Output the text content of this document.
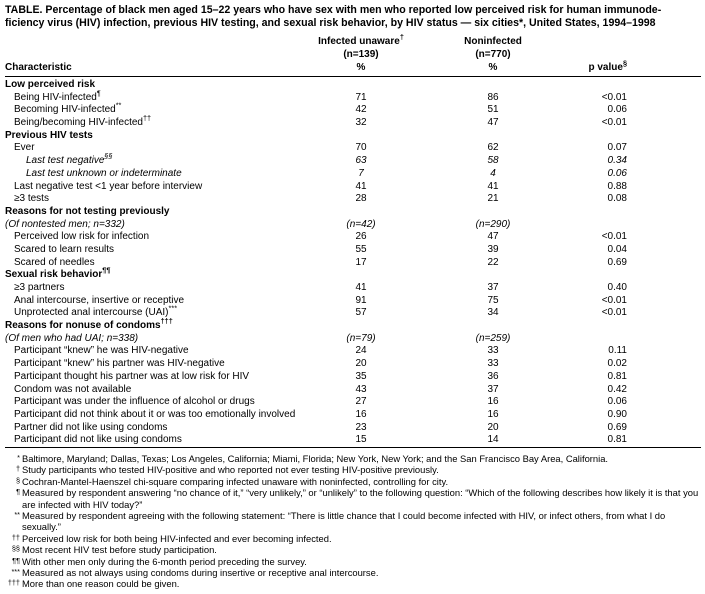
TABLE. Percentage of black men aged 15–22 years who have sex with men who reported low perceived risk for human immunode-
ficiency virus (HIV) infection, previous HIV testing, and sexual risk behavior, by HIV status — six cities*, United States, 1994–1998
Infected unaware†	Noninfected
(n=139)	(n=770)
Characteristic	%	%	p value§
Low perceived risk
Being HIV-infected¶	71	86	<0.01
Becoming HIV-infected**	42	51	0.06
Being/becoming HIV-infected††	32	47	<0.01
Previous HIV tests
Ever	70	62	0.07
Last test negative§§	63	58	0.34
Last test unknown or indeterminate	7	4	0.06
Last negative test <1 year before interview	41	41	0.88
≥3 tests	28	21	0.08
Reasons for not testing previously
(Of nontested men; n=332)	(n=42)	(n=290)
Perceived low risk for infection	26	47	<0.01
Scared to learn results	55	39	0.04
Scared of needles	17	22	0.69
Sexual risk behavior¶¶
≥3 partners	41	37	0.40
Anal intercourse, insertive or receptive	91	75	<0.01
Unprotected anal intercourse (UAI)***	57	34	<0.01
Reasons for nonuse of condoms†††
(Of men who had UAI; n=338)	(n=79)	(n=259)
Participant “knew” he was HIV-negative	24	33	0.11
Participant “knew” his partner was HIV-negative	20	33	0.02
Participant thought his partner was at low risk for HIV	35	36	0.81
Condom was not available	43	37	0.42
Participant was under the influence of alcohol or drugs	27	16	0.06
Participant did not think about it or was too emotionally involved	16	16	0.90
Partner did not like using condoms	23	20	0.69
Participant did not like using condoms	15	14	0.81
* Baltimore, Maryland; Dallas, Texas; Los Angeles, California; Miami, Florida; New York, New York; and the San Francisco Bay Area, California.
† Study participants who tested HIV-positive and who reported not ever testing HIV-positive previously.
§ Cochran-Mantel-Haenszel chi-square comparing infected unaware with noninfected, controlling for city.
¶ Measured by respondent answering “no chance of it,” “very unlikely,” or “unlikely” to the following question: “Which of the following describes how likely it is that you are infected with HIV today?”
** Measured by respondent agreeing with the following statement: “There is little chance that I could become infected with HIV, or infect others, from what I do sexually.”
†† Perceived low risk for both being HIV-infected and ever becoming infected.
§§ Most recent HIV test before study participation.
¶¶ With other men only during the 6-month period preceding the survey.
*** Measured as not always using condoms during insertive or receptive anal intercourse.
††† More than one reason could be given.
